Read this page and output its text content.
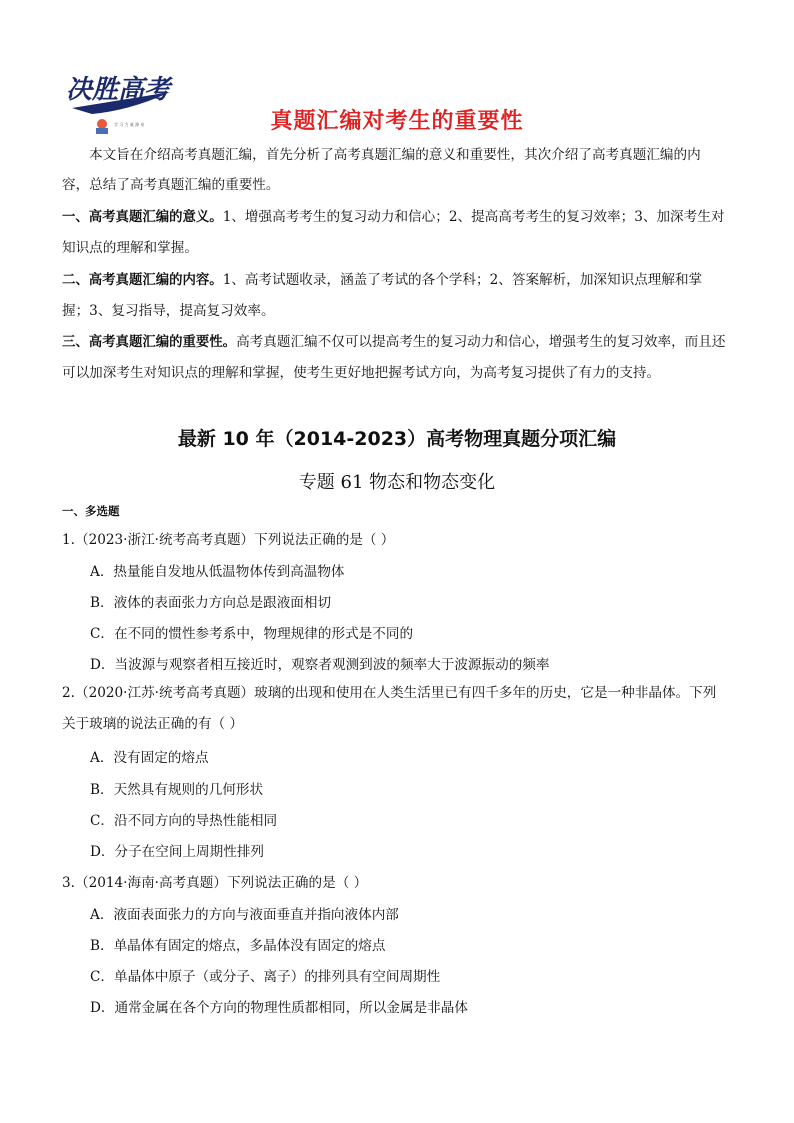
决胜高考
学 习 力 量 源 泉	真题汇编对考生的重要性
本文旨在介绍高考真题汇编，首先分析了高考真题汇编的意义和重要性，其次介绍了高考真题汇编的内容，总结了高考真题汇编的重要性。
一、高考真题汇编的意义。1、增强高考考生的复习动力和信心；2、提高高考考生的复习效率；3、加深考生对知识点的理解和掌握。
二、高考真题汇编的内容。1、高考试题收录，涵盖了考试的各个学科；2、答案解析，加深知识点理解和掌握；3、复习指导，提高复习效率。
三、高考真题汇编的重要性。高考真题汇编不仅可以提高考生的复习动力和信心，增强考生的复习效率，而且还可以加深考生对知识点的理解和掌握，使考生更好地把握考试方向，为高考复习提供了有力的支持。
最新 10 年（2014-2023）高考物理真题分项汇编
专题 61 物态和物态变化
一、多选题
1.（2023·浙江·统考高考真题）下列说法正确的是（ ）
A．热量能自发地从低温物体传到高温物体
B．液体的表面张力方向总是跟液面相切
C．在不同的惯性参考系中，物理规律的形式是不同的
D．当波源与观察者相互接近时，观察者观测到波的频率大于波源振动的频率
2.（2020·江苏·统考高考真题）玻璃的出现和使用在人类生活里已有四千多年的历史，它是一种非晶体。下列关于玻璃的说法正确的有（ ）
A．没有固定的熔点
B．天然具有规则的几何形状
C．沿不同方向的导热性能相同
D．分子在空间上周期性排列
3.（2014·海南·高考真题）下列说法正确的是（ ）
A．液面表面张力的方向与液面垂直并指向液体内部
B．单晶体有固定的熔点，多晶体没有固定的熔点
C．单晶体中原子（或分子、离子）的排列具有空间周期性
D．通常金属在各个方向的物理性质都相同，所以金属是非晶体
